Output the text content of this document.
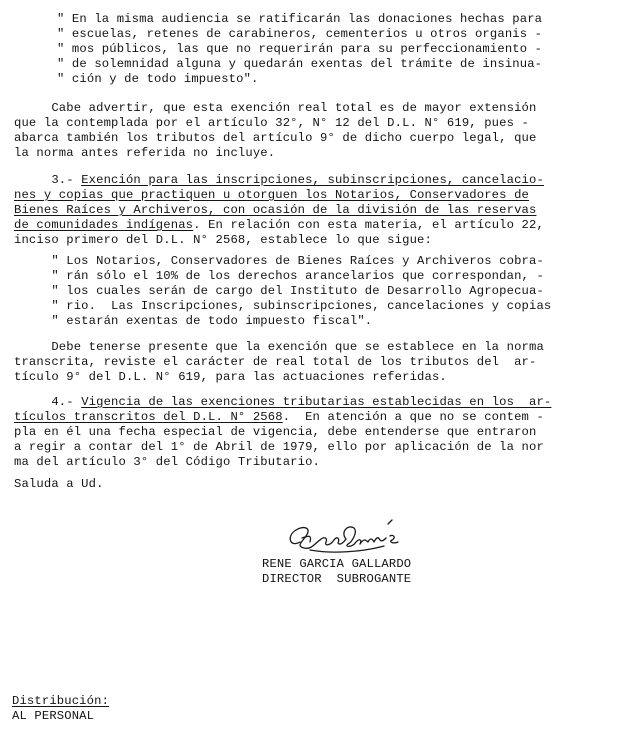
" En la misma audiencia se ratificarán las donaciones hechas para
" escuelas, retenes de carabineros, cementerios u otros organis -
" mos públicos, las que no requerirán para su perfeccionamiento -
" de solemnidad alguna y quedarán exentas del trámite de insinua-
" ción y de todo impuesto".
Cabe advertir, que esta exención real total es de mayor extensión
que la contemplada por el artículo 32°, N° 12 del D.L. N° 619, pues -
abarca también los tributos del artículo 9° de dicho cuerpo legal, que
la norma antes referida no incluye.
3.- Exención para las inscripciones, subinscripciones, cancelacio-
nes y copias que practiquen u otorguen los Notarios, Conservadores de
Bienes Raíces y Archiveros, con ocasión de la división de las reservas
de comunidades indígenas. En relación con esta materia, el artículo 22,
inciso primero del D.L. N° 2568, establece lo que sigue:
" Los Notarios, Conservadores de Bienes Raíces y Archiveros cobra-
" rán sólo el 10% de los derechos arancelarios que correspondan, -
" los cuales serán de cargo del Instituto de Desarrollo Agropecua-
" rio.  Las Inscripciones, subinscripciones, cancelaciones y copias
" estarán exentas de todo impuesto fiscal".
Debe tenerse presente que la exención que se establece en la norma
transcrita, reviste el carácter de real total de los tributos del  ar-
tículo 9° del D.L. N° 619, para las actuaciones referidas.
4.- Vigencia de las exenciones tributarias establecidas en los  ar-
tículos transcritos del D.L. N° 2568.  En atención a que no se contem -
pla en él una fecha especial de vigencia, debe entenderse que entraron
a regir a contar del 1° de Abril de 1979, ello por aplicación de la nor
ma del artículo 3° del Código Tributario.
Saluda a Ud.
RENE GARCIA GALLARDO
DIRECTOR  SUBROGANTE
Distribución:
AL PERSONAL
